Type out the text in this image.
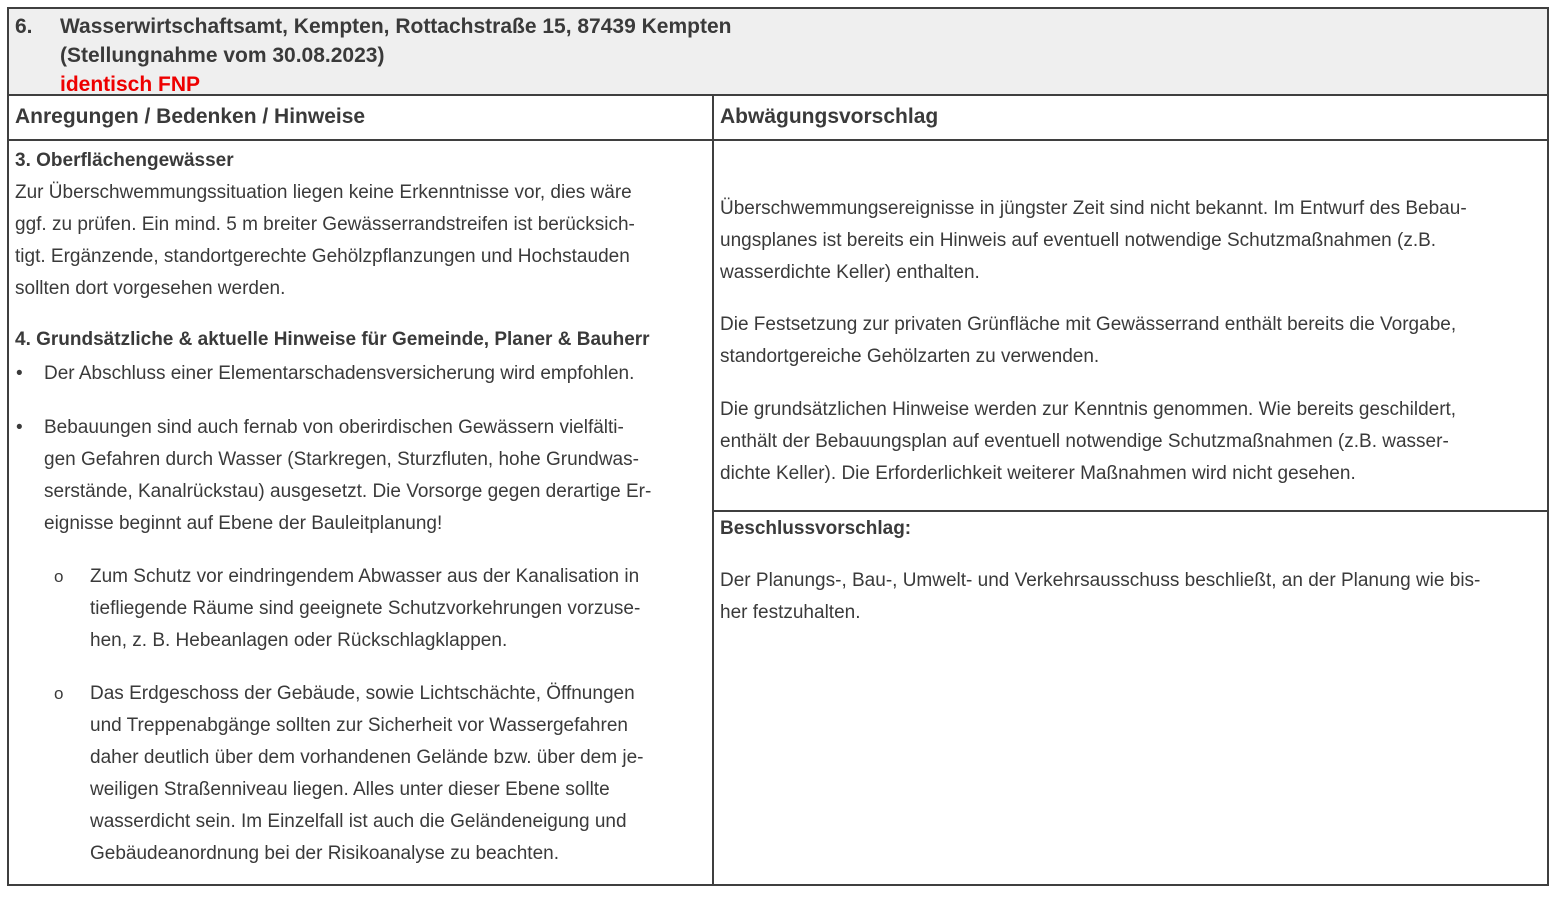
6. Wasserwirtschaftsamt, Kempten, Rottachstraße 15, 87439 Kempten
(Stellungnahme vom 30.08.2023)
identisch FNP
Anregungen / Bedenken / Hinweise	Abwägungsvorschlag
3. Oberflächengewässer

Zur Überschwemmungssituation liegen keine Erkenntnisse vor, dies wäre
ggf. zu prüfen. Ein mind. 5 m breiter Gewässerrandstreifen ist berücksich-
tigt. Ergänzende, standortgerechte Gehölzpflanzungen und Hochstauden
sollten dort vorgesehen werden.

4. Grundsätzliche & aktuelle Hinweise für Gemeinde, Planer & Bauherr
• Der Abschluss einer Elementarschadensversicherung wird empfohlen.
• Bebauungen sind auch fernab von oberirdischen Gewässern vielfälti-
gen Gefahren durch Wasser (Starkregen, Sturzfluten, hohe Grundwas-
serstände, Kanalrückstau) ausgesetzt. Die Vorsorge gegen derartige Er-
eignisse beginnt auf Ebene der Bauleitplanung!
o Zum Schutz vor eindringendem Abwasser aus der Kanalisation in
tiefliegende Räume sind geeignete Schutzvorkehrungen vorzuse-
hen, z. B. Hebeanlagen oder Rückschlagklappen.
o Das Erdgeschoss der Gebäude, sowie Lichtschächte, Öffnungen
und Treppenabgänge sollten zur Sicherheit vor Wassergefahren
daher deutlich über dem vorhandenen Gelände bzw. über dem je-
weiligen Straßenniveau liegen. Alles unter dieser Ebene sollte
wasserdicht sein. Im Einzelfall ist auch die Geländeneigung und
Gebäudeanordnung bei der Risikoanalyse zu beachten.

Überschwemmungsereignisse in jüngster Zeit sind nicht bekannt. Im Entwurf des Bebau-
ungsplanes ist bereits ein Hinweis auf eventuell notwendige Schutzmaßnahmen (z.B.
wasserdichte Keller) enthalten.

Die Festsetzung zur privaten Grünfläche mit Gewässerrand enthält bereits die Vorgabe,
standortgereiche Gehölzarten zu verwenden.

Die grundsätzlichen Hinweise werden zur Kenntnis genommen. Wie bereits geschildert,
enthält der Bebauungsplan auf eventuell notwendige Schutzmaßnahmen (z.B. wasser-
dichte Keller). Die Erforderlichkeit weiterer Maßnahmen wird nicht gesehen.

Beschlussvorschlag:

Der Planungs-, Bau-, Umwelt- und Verkehrsausschuss beschließt, an der Planung wie bis-
her festzuhalten.
